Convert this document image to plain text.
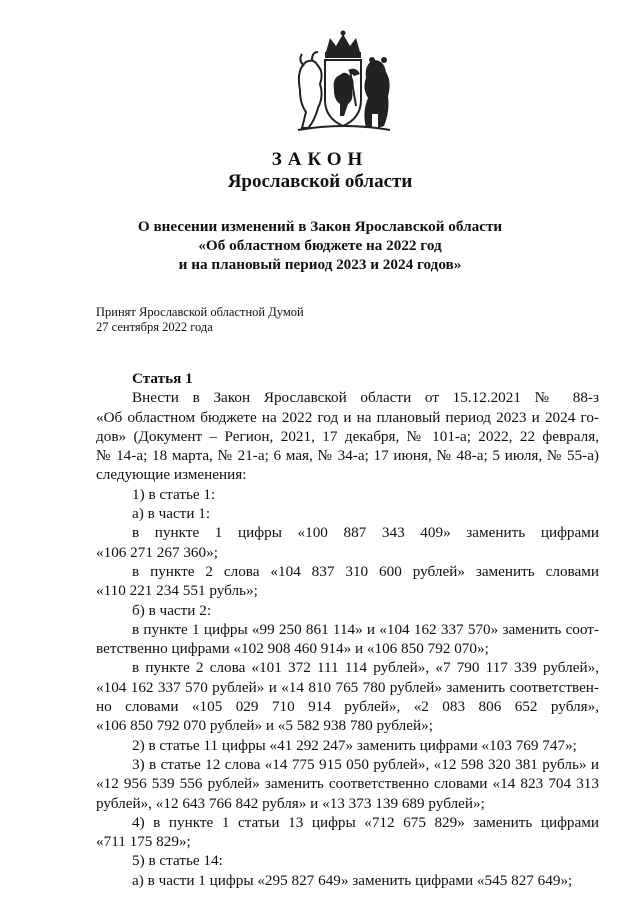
ЗАКОН
Ярославской области
О внесении изменений в Закон Ярославской области
«Об областном бюджете на 2022 год
и на плановый период 2023 и 2024 годов»
Принят Ярославской областной Думой
27 сентября 2022 года
Статья 1
Внести в Закон Ярославской области от 15.12.2021 № 88-з
«Об областном бюджете на 2022 год и на плановый период 2023 и 2024 го-
дов» (Документ – Регион, 2021, 17 декабря, № 101-а; 2022, 22 февраля,
№ 14-а; 18 марта, № 21-а; 6 мая, № 34-а; 17 июня, № 48-а; 5 июля, № 55-а)
следующие изменения:
1) в статье 1:
а) в части 1:
в пункте 1 цифры «100 887 343 409» заменить цифрами
«106 271 267 360»;
в пункте 2 слова «104 837 310 600 рублей» заменить словами
«110 221 234 551 рубль»;
б) в части 2:
в пункте 1 цифры «99 250 861 114» и «104 162 337 570» заменить соот-
ветственно цифрами «102 908 460 914» и «106 850 792 070»;
в пункте 2 слова «101 372 111 114 рублей», «7 790 117 339 рублей»,
«104 162 337 570 рублей» и «14 810 765 780 рублей» заменить соответствен-
но словами «105 029 710 914 рублей», «2 083 806 652 рубля»,
«106 850 792 070 рублей» и «5 582 938 780 рублей»;
2) в статье 11 цифры «41 292 247» заменить цифрами «103 769 747»;
3) в статье 12 слова «14 775 915 050 рублей», «12 598 320 381 рубль» и
«12 956 539 556 рублей» заменить соответственно словами «14 823 704 313
рублей», «12 643 766 842 рубля» и «13 373 139 689 рублей»;
4) в пункте 1 статьи 13 цифры «712 675 829» заменить цифрами
«711 175 829»;
5) в статье 14:
а) в части 1 цифры «295 827 649» заменить цифрами «545 827 649»;
